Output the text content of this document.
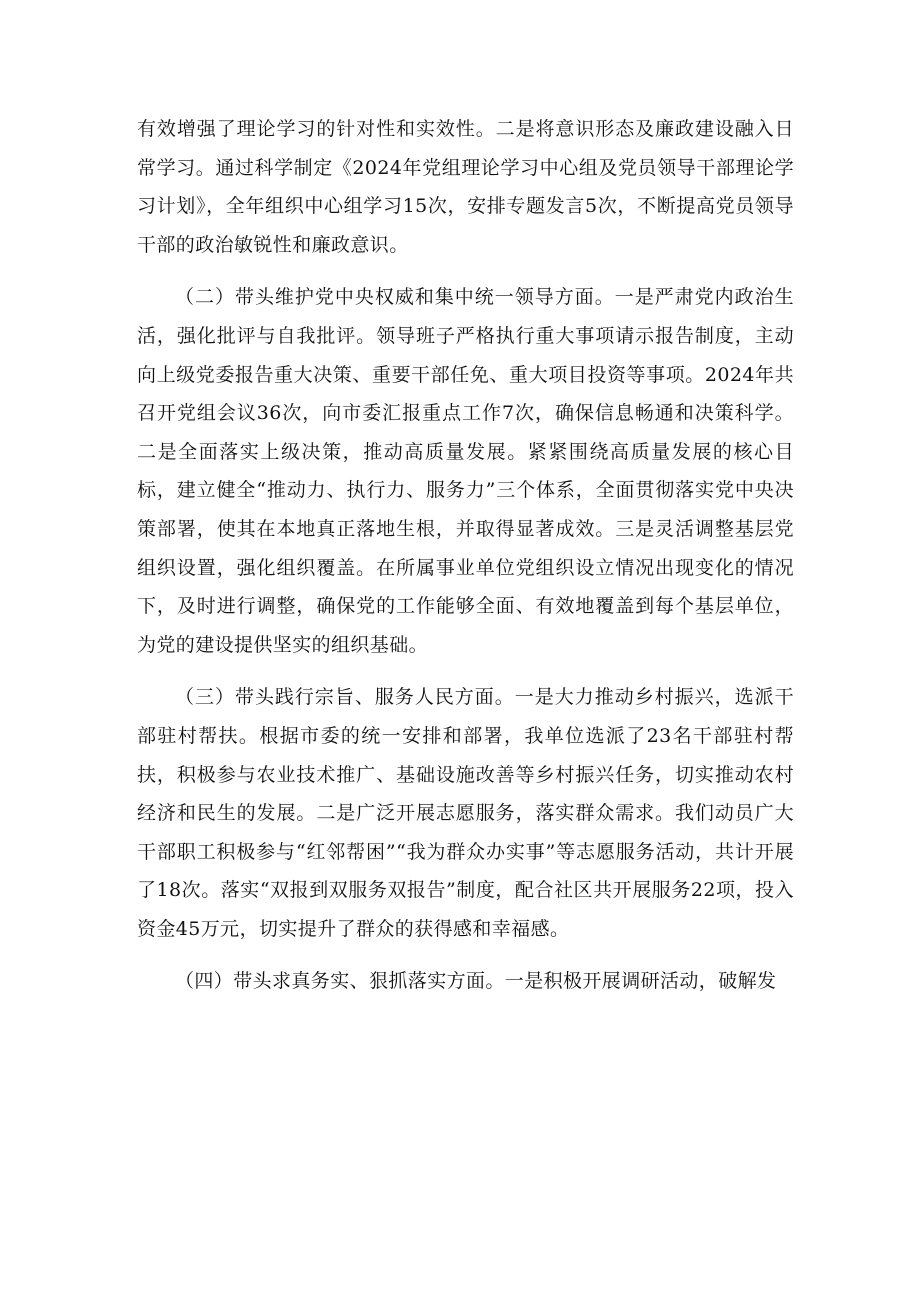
有效增强了理论学习的针对性和实效性。二是将意识形态及廉政建设融入日常学习。通过科学制定《2024年党组理论学习中心组及党员领导干部理论学习计划》，全年组织中心组学习15次，安排专题发言5次，不断提高党员领导干部的政治敏锐性和廉政意识。

（二）带头维护党中央权威和集中统一领导方面。一是严肃党内政治生活，强化批评与自我批评。领导班子严格执行重大事项请示报告制度，主动向上级党委报告重大决策、重要干部任免、重大项目投资等事项。2024年共召开党组会议36次，向市委汇报重点工作7次，确保信息畅通和决策科学。二是全面落实上级决策，推动高质量发展。紧紧围绕高质量发展的核心目标，建立健全“推动力、执行力、服务力”三个体系，全面贯彻落实党中央决策部署，使其在本地真正落地生根，并取得显著成效。三是灵活调整基层党组织设置，强化组织覆盖。在所属事业单位党组织设立情况出现变化的情况下，及时进行调整，确保党的工作能够全面、有效地覆盖到每个基层单位，为党的建设提供坚实的组织基础。

（三）带头践行宗旨、服务人民方面。一是大力推动乡村振兴，选派干部驻村帮扶。根据市委的统一安排和部署，我单位选派了23名干部驻村帮扶，积极参与农业技术推广、基础设施改善等乡村振兴任务，切实推动农村经济和民生的发展。二是广泛开展志愿服务，落实群众需求。我们动员广大干部职工积极参与“红邻帮困”“我为群众办实事”等志愿服务活动，共计开展了18次。落实“双报到双服务双报告”制度，配合社区共开展服务22项，投入资金45万元，切实提升了群众的获得感和幸福感。

（四）带头求真务实、狠抓落实方面。一是积极开展调研活动，破解发
